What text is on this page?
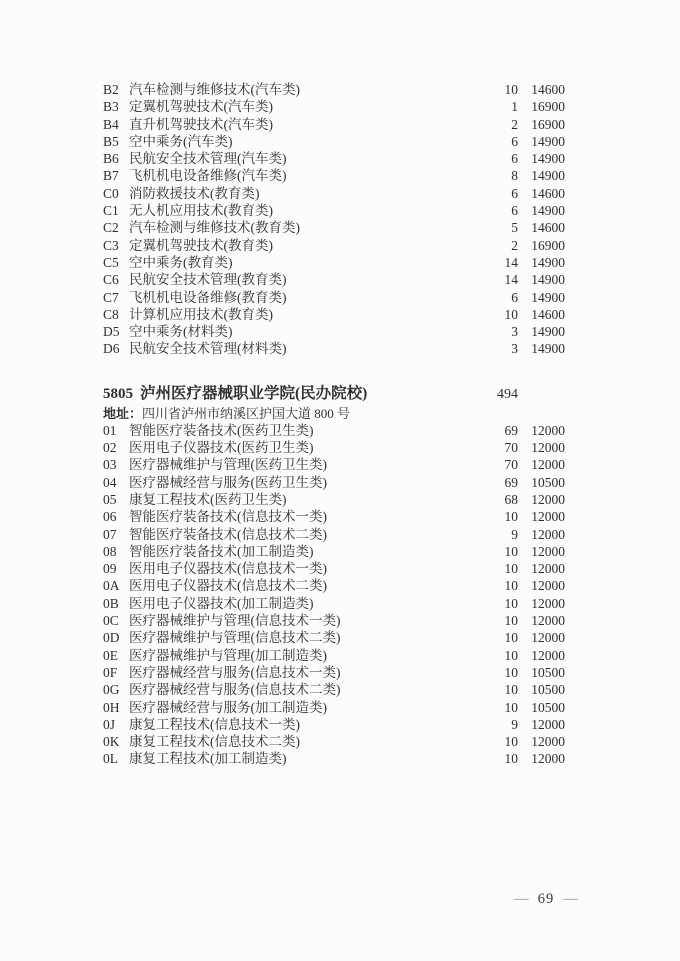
B2 汽车检测与维修技术(汽车类)	10 14600
B3 定翼机驾驶技术(汽车类)	1 16900
B4 直升机驾驶技术(汽车类)	2 16900
B5 空中乘务(汽车类)	6 14900
B6 民航安全技术管理(汽车类)	6 14900
B7 飞机机电设备维修(汽车类)	8 14900
C0 消防救援技术(教育类)	6 14600
C1 无人机应用技术(教育类)	6 14900
C2 汽车检测与维修技术(教育类)	5 14600
C3 定翼机驾驶技术(教育类)	2 16900
C5 空中乘务(教育类)	14 14900
C6 民航安全技术管理(教育类)	14 14900
C7 飞机机电设备维修(教育类)	6 14900
C8 计算机应用技术(教育类)	10 14600
D5 空中乘务(材料类)	3 14900
D6 民航安全技术管理(材料类)	3 14900
5805 泸州医疗器械职业学院(民办院校)	494
地址：四川省泸州市纳溪区护国大道 800 号
01 智能医疗装备技术(医药卫生类)	69 12000
02 医用电子仪器技术(医药卫生类)	70 12000
03 医疗器械维护与管理(医药卫生类)	70 12000
04 医疗器械经营与服务(医药卫生类)	69 10500
05 康复工程技术(医药卫生类)	68 12000
06 智能医疗装备技术(信息技术一类)	10 12000
07 智能医疗装备技术(信息技术二类)	9 12000
08 智能医疗装备技术(加工制造类)	10 12000
09 医用电子仪器技术(信息技术一类)	10 12000
0A 医用电子仪器技术(信息技术二类)	10 12000
0B 医用电子仪器技术(加工制造类)	10 12000
0C 医疗器械维护与管理(信息技术一类)	10 12000
0D 医疗器械维护与管理(信息技术二类)	10 12000
0E 医疗器械维护与管理(加工制造类)	10 12000
0F 医疗器械经营与服务(信息技术一类)	10 10500
0G 医疗器械经营与服务(信息技术二类)	10 10500
0H 医疗器械经营与服务(加工制造类)	10 10500
0J	康复工程技术(信息技术一类)	9 12000
0K 康复工程技术(信息技术二类)	10 12000
0L 康复工程技术(加工制造类)	10 12000
— 69 —
